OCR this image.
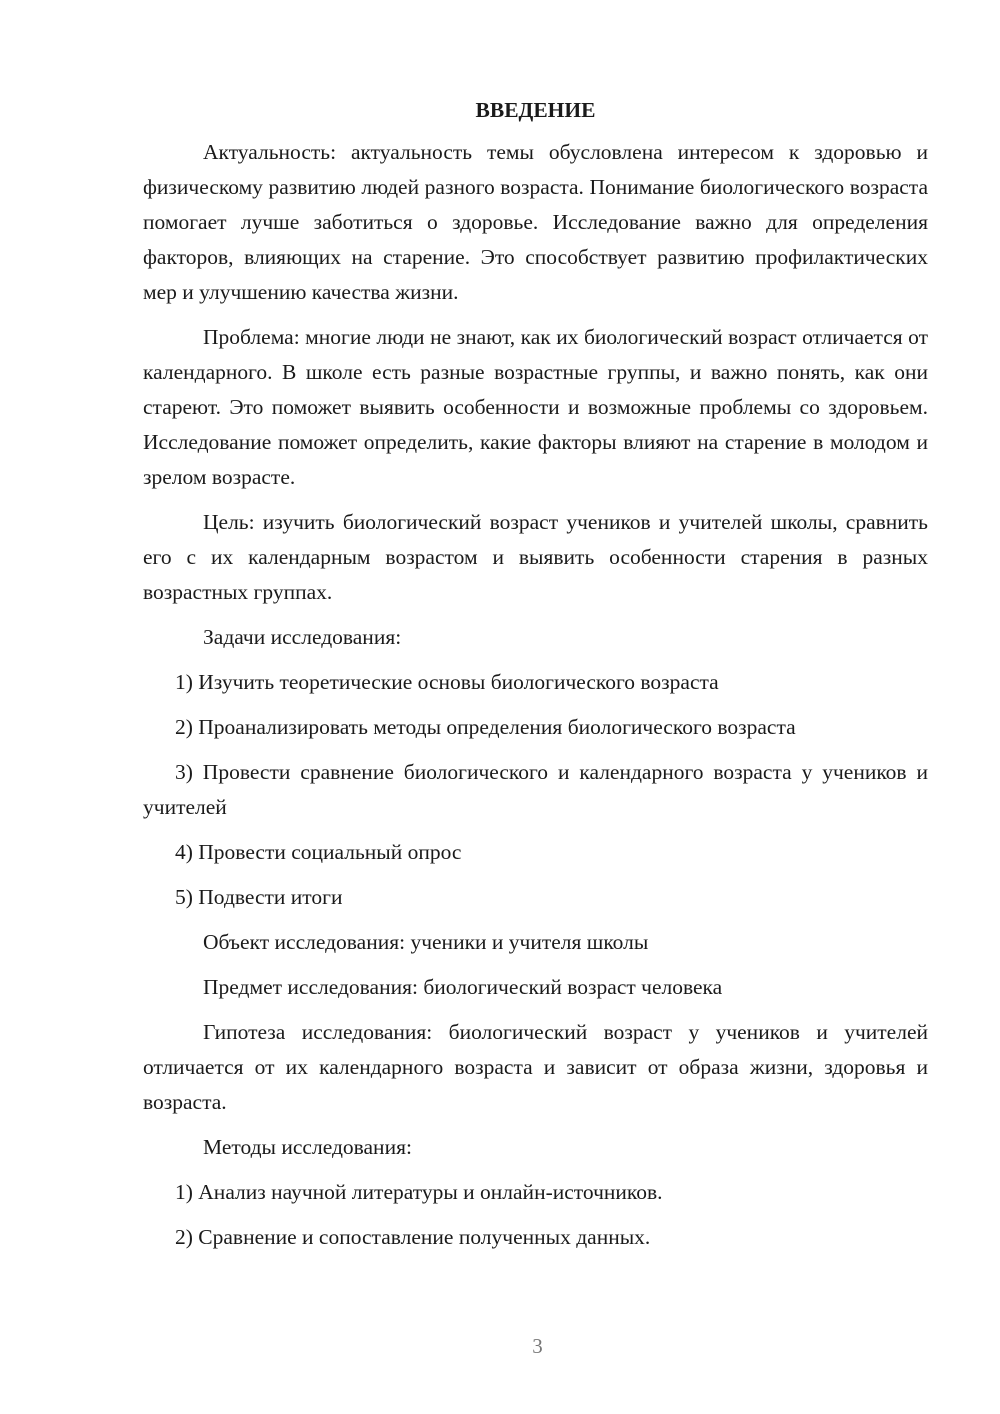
ВВЕДЕНИЕ

Актуальность: актуальность темы обусловлена интересом к здоровью и физическому развитию людей разного возраста. Понимание биологического возраста помогает лучше заботиться о здоровье. Исследование важно для определения факторов, влияющих на старение. Это способствует развитию профилактических мер и улучшению качества жизни.

Проблема: многие люди не знают, как их биологический возраст отличается от календарного. В школе есть разные возрастные группы, и важно понять, как они стареют. Это поможет выявить особенности и возможные проблемы со здоровьем. Исследование поможет определить, какие факторы влияют на старение в молодом и зрелом возрасте.

Цель: изучить биологический возраст учеников и учителей школы, сравнить его с их календарным возрастом и выявить особенности старения в разных возрастных группах.

Задачи исследования:

1) Изучить теоретические основы биологического возраста

2) Проанализировать методы определения биологического возраста

3) Провести сравнение биологического и календарного возраста у учеников и учителей

4) Провести социальный опрос

5) Подвести итоги

Объект исследования: ученики и учителя школы

Предмет исследования: биологический возраст человека

Гипотеза исследования: биологический возраст у учеников и учителей отличается от их календарного возраста и зависит от образа жизни, здоровья и возраста.

Методы исследования:

1) Анализ научной литературы и онлайн-источников.

2) Сравнение и сопоставление полученных данных.

3
